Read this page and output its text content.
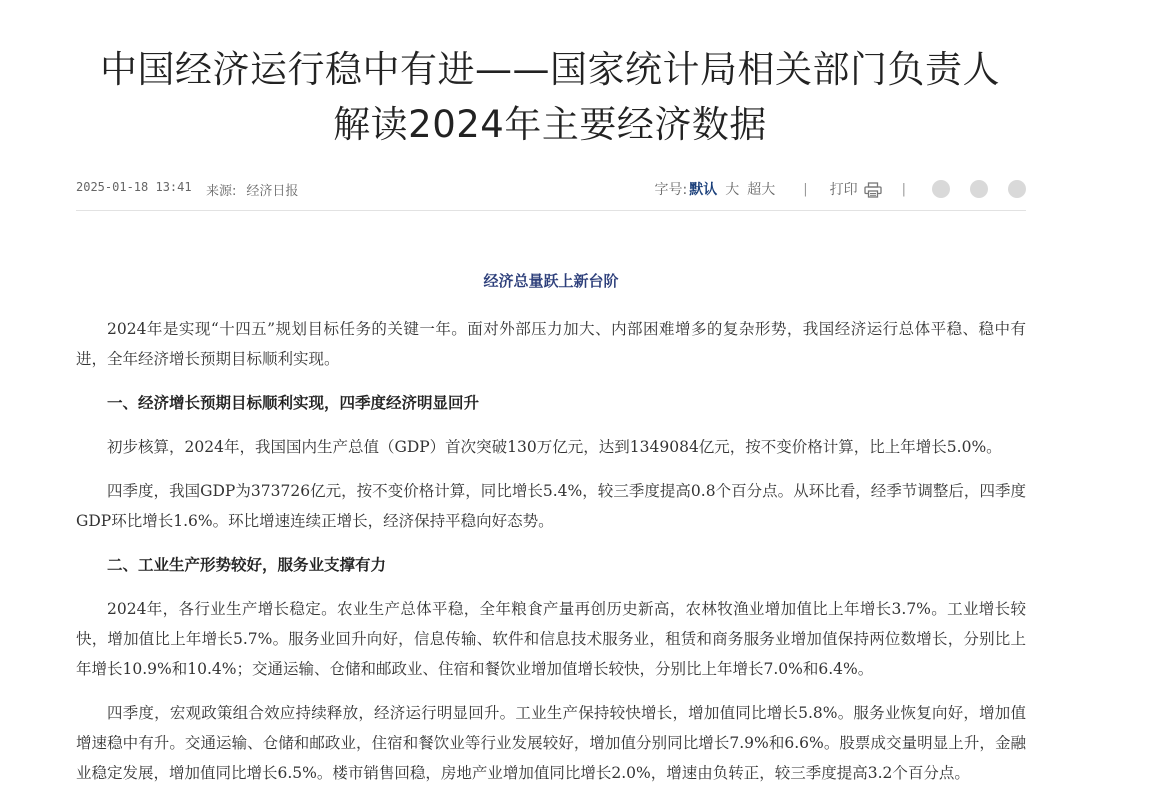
中国经济运行稳中有进——国家统计局相关部门负责人
解读2024年主要经济数据
2025-01-18 13:41 来源: 经济日报	字号: 默认 大 超大 | 打印	|
经济总量跃上新台阶

2024年是实现“十四五”规划目标任务的关键一年。面对外部压力加大、内部困难增多的复杂形势，我国经济运行总体平稳、稳中有进，全年经济增长预期目标顺利实现。

一、经济增长预期目标顺利实现，四季度经济明显回升

初步核算，2024年，我国国内生产总值（GDP）首次突破130万亿元，达到1349084亿元，按不变价格计算，比上年增长5.0%。

四季度，我国GDP为373726亿元，按不变价格计算，同比增长5.4%，较三季度提高0.8个百分点。从环比看，经季节调整后，四季度GDP环比增长1.6%。环比增速连续正增长，经济保持平稳向好态势。

二、工业生产形势较好，服务业支撑有力

2024年，各行业生产增长稳定。农业生产总体平稳，全年粮食产量再创历史新高，农林牧渔业增加值比上年增长3.7%。工业增长较快，增加值比上年增长5.7%。服务业回升向好，信息传输、软件和信息技术服务业，租赁和商务服务业增加值保持两位数增长，分别比上年增长10.9%和10.4%；交通运输、仓储和邮政业、住宿和餐饮业增加值增长较快，分别比上年增长7.0%和6.4%。

四季度，宏观政策组合效应持续释放，经济运行明显回升。工业生产保持较快增长，增加值同比增长5.8%。服务业恢复向好，增加值增速稳中有升。交通运输、仓储和邮政业，住宿和餐饮业等行业发展较好，增加值分别同比增长7.9%和6.6%。股票成交量明显上升，金融业稳定发展，增加值同比增长6.5%。楼市销售回稳，房地产业增加值同比增长2.0%，增速由负转正，较三季度提高3.2个百分点。
